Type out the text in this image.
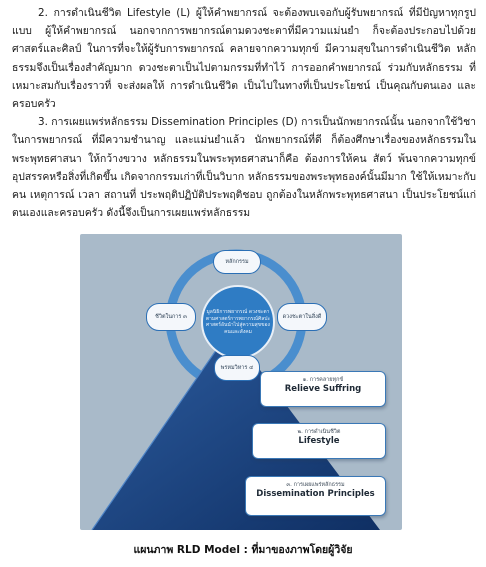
2. การดำเนินชีวิต Lifestyle (L) ผู้ให้คำพยากรณ์ จะต้องพบเจอกับผู้รับพยากรณ์ ที่มีปัญหาทุกรูปแบบ ผู้ให้คำพยากรณ์ นอกจากการพยากรณ์ตามดวงชะตาที่มีความแม่นยำ ก็จะต้องประกอบไปด้วยศาสตร์และศิลป์ ในการที่จะให้ผู้รับการพยากรณ์ คลายจากความทุกข์ มีความสุขในการดำเนินชีวิต หลักธรรมจึงเป็นเรื่องสำคัญมาก ดวงชะตาเป็นไปตามกรรมที่ทำไว้ การออกคำพยากรณ์ ร่วมกับหลักธรรม ที่เหมาะสมกับเรื่องราวที่ จะส่งผลให้ การดำเนินชีวิต เป็นไปในทางที่เป็นประโยชน์ เป็นคุณกับตนเอง และ ครอบครัว

3. การเผยแพร่หลักธรรม Dissemination Principles (D) การเป็นนักพยากรณ์นั้น นอกจากใช้วิชาในการพยากรณ์ ที่มีความชำนาญ และแม่นยำแล้ว นักพยากรณ์ที่ดี ก็ต้องศึกษาเรื่องของหลักธรรมในพระพุทธศาสนา ให้กว้างขวาง หลักธรรมในพระพุทธศาสนาก็คือ ต้องการให้คน สัตว์ พ้นจากความทุกข์อุปสรรคหรือสิ่งที่เกิดขึ้น เกิดจากกรรมเก่าที่เป็นวิบาก หลักธรรมของพระพุทธองค์นั้นมีมาก ใช้ให้เหมาะกับคน เหตุการณ์ เวลา สถานที่ ประพฤติปฏิบัติประพฤติชอบ ถูกต้องในหลักพระพุทธศาสนา เป็นประโยชน์แก่ตนเองและครอบครัว ดังนี้จึงเป็นการเผยแพร่หลักธรรม

มูลนิธิการพยากรณ์ ดวงชะตาตามศาสตร์การพยากรณ์ศิลปะศาสตร์อันนำไปสู่ความสุขของคนและสังคม
หลักกรรม
ชีวิตในการ ๓	ดวงชะตาในสิ่งดี
พรหมวิหาร ๔
๑. การคลายทุกข์
Relieve Suffring
๒. การดำเนินชีวิต
Lifestyle
๓. การเผยแพร่หลักธรรม
Dissemination Principles
แผนภาพ RLD Model : ที่มาของภาพโดยผู้วิจัย
